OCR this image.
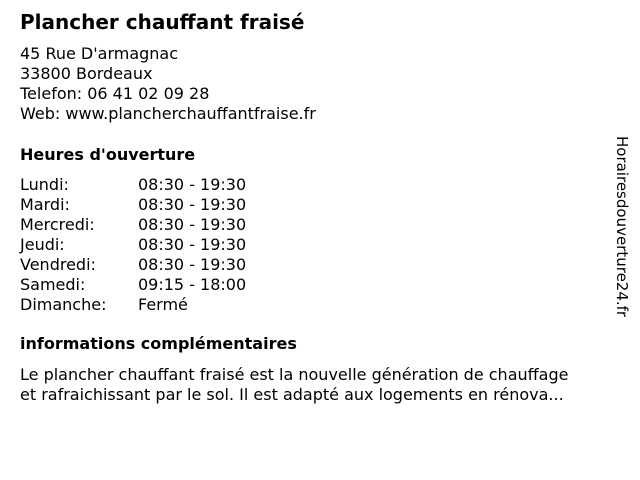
Plancher chauffant fraisé
45 Rue D'armagnac
33800 Bordeaux
Telefon: 06 41 02 09 28
Web: www.plancherchauffantfraise.fr
Heures d'ouverture
Lundi:	08:30 - 19:30
Mardi:	08:30 - 19:30
Mercredi:	08:30 - 19:30
Jeudi:	08:30 - 19:30
Vendredi:	08:30 - 19:30
Samedi:	09:15 - 18:00
Dimanche: Fermé
informations complémentaires
Le plancher chauffant fraisé est la nouvelle génération de chauffage
et rafraichissant par le sol. Il est adapté aux logements en rénova...
Horairesdouverture24.fr
